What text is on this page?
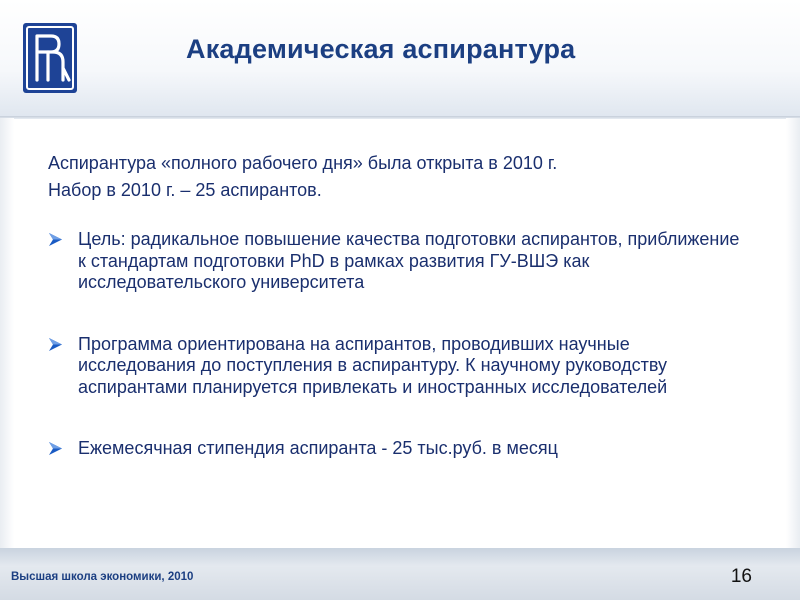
Академическая аспирантура

Аспирантура «полного рабочего дня» была открыта в 2010 г.

Набор в 2010 г. – 25 аспирантов.

Цель: радикальное повышение качества подготовки аспирантов, приближение к стандартам подготовки PhD в рамках развития ГУ-ВШЭ как исследовательского университета
Программа ориентирована на аспирантов, проводивших научные исследования до поступления в аспирантуру. К научному руководству аспирантами планируется привлекать и иностранных исследователей
Ежемесячная стипендия аспиранта - 25 тыс.руб. в месяц
Высшая школа экономики, 2010	16
